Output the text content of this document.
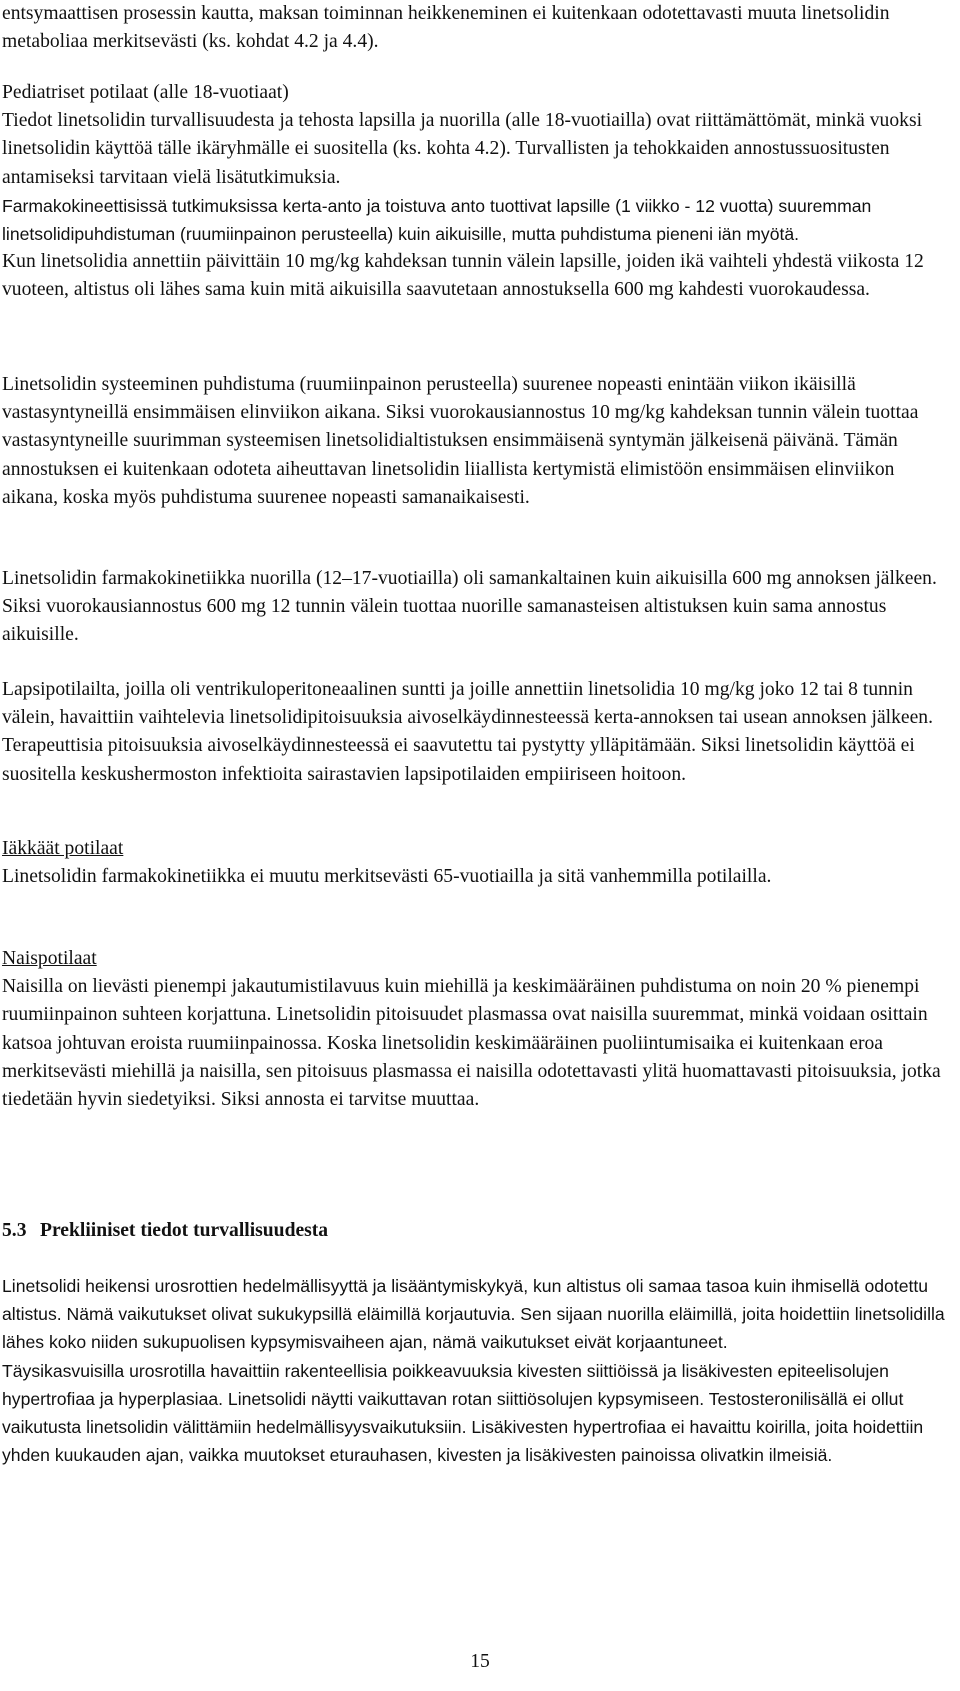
entsymaattisen prosessin kautta, maksan toiminnan heikkeneminen ei kuitenkaan odotettavasti muuta linetsolidin metaboliaa merkitsevästi (ks. kohdat 4.2 ja 4.4).

Pediatriset potilaat (alle 18-vuotiaat)

Tiedot linetsolidin turvallisuudesta ja tehosta lapsilla ja nuorilla (alle 18-vuotiailla) ovat riittämättömät, minkä vuoksi linetsolidin käyttöä tälle ikäryhmälle ei suositella (ks. kohta 4.2). Turvallisten ja tehokkaiden annostussuositusten antamiseksi tarvitaan vielä lisätutkimuksia.

Farmakokineettisissä tutkimuksissa kerta-anto ja toistuva anto tuottivat lapsille (1 viikko - 12 vuotta) suuremman linetsolidipuhdistuman (ruumiinpainon perusteella) kuin aikuisille, mutta puhdistuma pieneni iän myötä.

Kun linetsolidia annettiin päivittäin 10 mg/kg kahdeksan tunnin välein lapsille, joiden ikä vaihteli yhdestä viikosta 12 vuoteen, altistus oli lähes sama kuin mitä aikuisilla saavutetaan annostuksella 600 mg kahdesti vuorokaudessa.

Linetsolidin systeeminen puhdistuma (ruumiinpainon perusteella) suurenee nopeasti enintään viikon ikäisillä vastasyntyneillä ensimmäisen elinviikon aikana. Siksi vuorokausiannostus 10 mg/kg kahdeksan tunnin välein tuottaa vastasyntyneille suurimman systeemisen linetsolidialtistuksen ensimmäisenä syntymän jälkeisenä päivänä. Tämän annostuksen ei kuitenkaan odoteta aiheuttavan linetsolidin liiallista kertymistä elimistöön ensimmäisen elinviikon aikana, koska myös puhdistuma suurenee nopeasti samanaikaisesti.

Linetsolidin farmakokinetiikka nuorilla (12–17-vuotiailla) oli samankaltainen kuin aikuisilla 600 mg annoksen jälkeen. Siksi vuorokausiannostus 600 mg 12 tunnin välein tuottaa nuorille samanasteisen altistuksen kuin sama annostus aikuisille.

Lapsipotilailta, joilla oli ventrikuloperitoneaalinen suntti ja joille annettiin linetsolidia 10 mg/kg joko 12 tai 8 tunnin välein, havaittiin vaihtelevia linetsolidipitoisuuksia aivoselkäydinnesteessä kerta-annoksen tai usean annoksen jälkeen. Terapeuttisia pitoisuuksia aivoselkäydinnesteessä ei saavutettu tai pystytty ylläpitämään. Siksi linetsolidin käyttöä ei suositella keskushermoston infektioita sairastavien lapsipotilaiden empiiriseen hoitoon.

Iäkkäät potilaat

Linetsolidin farmakokinetiikka ei muutu merkitsevästi 65-vuotiailla ja sitä vanhemmilla potilailla.

Naispotilaat

Naisilla on lievästi pienempi jakautumistilavuus kuin miehillä ja keskimääräinen puhdistuma on noin 20 % pienempi ruumiinpainon suhteen korjattuna. Linetsolidin pitoisuudet plasmassa ovat naisilla suuremmat, minkä voidaan osittain katsoa johtuvan eroista ruumiinpainossa. Koska linetsolidin keskimääräinen puoliintumisaika ei kuitenkaan eroa merkitsevästi miehillä ja naisilla, sen pitoisuus plasmassa ei naisilla odotettavasti ylitä huomattavasti pitoisuuksia, jotka tiedetään hyvin siedetyiksi. Siksi annosta ei tarvitse muuttaa.

5.3 Prekliiniset tiedot turvallisuudesta

Linetsolidi heikensi urosrottien hedelmällisyyttä ja lisääntymiskykyä, kun altistus oli samaa tasoa kuin ihmisellä odotettu altistus. Nämä vaikutukset olivat sukukypsillä eläimillä korjautuvia. Sen sijaan nuorilla eläimillä, joita hoidettiin linetsolidilla lähes koko niiden sukupuolisen kypsymisvaiheen ajan, nämä vaikutukset eivät korjaantuneet.

Täysikasvuisilla urosrotilla havaittiin rakenteellisia poikkeavuuksia kivesten siittiöissä ja lisäkivesten epiteelisolujen hypertrofiaa ja hyperplasiaa. Linetsolidi näytti vaikuttavan rotan siittiösolujen kypsymiseen. Testosteronilisällä ei ollut vaikutusta linetsolidin välittämiin hedelmällisyysvaikutuksiin. Lisäkivesten hypertrofiaa ei havaittu koirilla, joita hoidettiin yhden kuukauden ajan, vaikka muutokset eturauhasen, kivesten ja lisäkivesten painoissa olivatkin ilmeisiä.

15
